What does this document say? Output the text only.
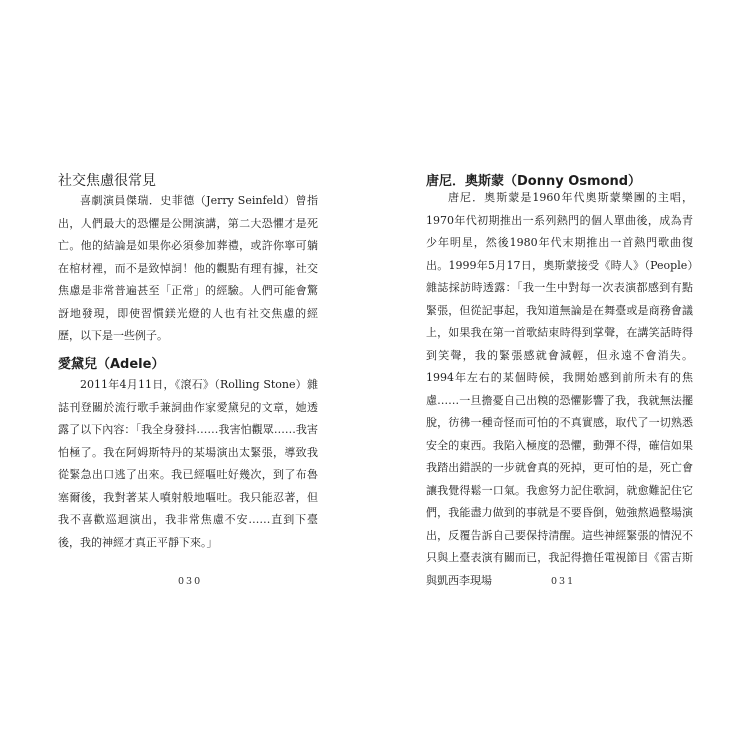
社交焦慮很常見

喜劇演員傑瑞．史菲德（Jerry Seinfeld）曾指出，人們最大的恐懼是公開演講，第二大恐懼才是死亡。他的結論是如果你必須參加葬禮，或許你寧可躺在棺材裡，而不是致悼詞！他的觀點有理有據，社交焦慮是非常普遍甚至「正常」的經驗。人們可能會驚訝地發現，即使習慣鎂光燈的人也有社交焦慮的經歷，以下是一些例子。

愛黛兒（Adele）

2011年4月11日，《滾石》（Rolling Stone）雜誌刊登關於流行歌手兼詞曲作家愛黛兒的文章，她透露了以下內容：「我全身發抖……我害怕觀眾……我害怕極了。我在阿姆斯特丹的某場演出太緊張，導致我從緊急出口逃了出來。我已經嘔吐好幾次，到了布魯塞爾後，我對著某人噴射般地嘔吐。我只能忍著，但我不喜歡巡迴演出，我非常焦慮不安……直到下臺後，我的神經才真正平靜下來。」

030
唐尼．奧斯蒙（Donny Osmond）

唐尼．奧斯蒙是1960年代奧斯蒙樂團的主唱，1970年代初期推出一系列熱門的個人單曲後，成為青少年明星，然後1980年代末期推出一首熱門歌曲復出。1999年5月17日，奧斯蒙接受《時人》（People）雜誌採訪時透露：「我一生中對每一次表演都感到有點緊張，但從記事起，我知道無論是在舞臺或是商務會議上，如果我在第一首歌結束時得到掌聲，在講笑話時得到笑聲，我的緊張感就會減輕，但永遠不會消失。1994年左右的某個時候，我開始感到前所未有的焦慮……一旦擔憂自己出糗的恐懼影響了我，我就無法擺脫，彷彿一種奇怪而可怕的不真實感，取代了一切熟悉安全的東西。我陷入極度的恐懼，動彈不得，確信如果我踏出錯誤的一步就會真的死掉，更可怕的是，死亡會讓我覺得鬆一口氣。我愈努力記住歌詞，就愈難記住它們，我能盡力做到的事就是不要昏倒，勉強熬過整場演出，反覆告訴自己要保持清醒。這些神經緊張的情況不只與上臺表演有關而已，我記得擔任電視節目《雷吉斯與凱西李現場	031
